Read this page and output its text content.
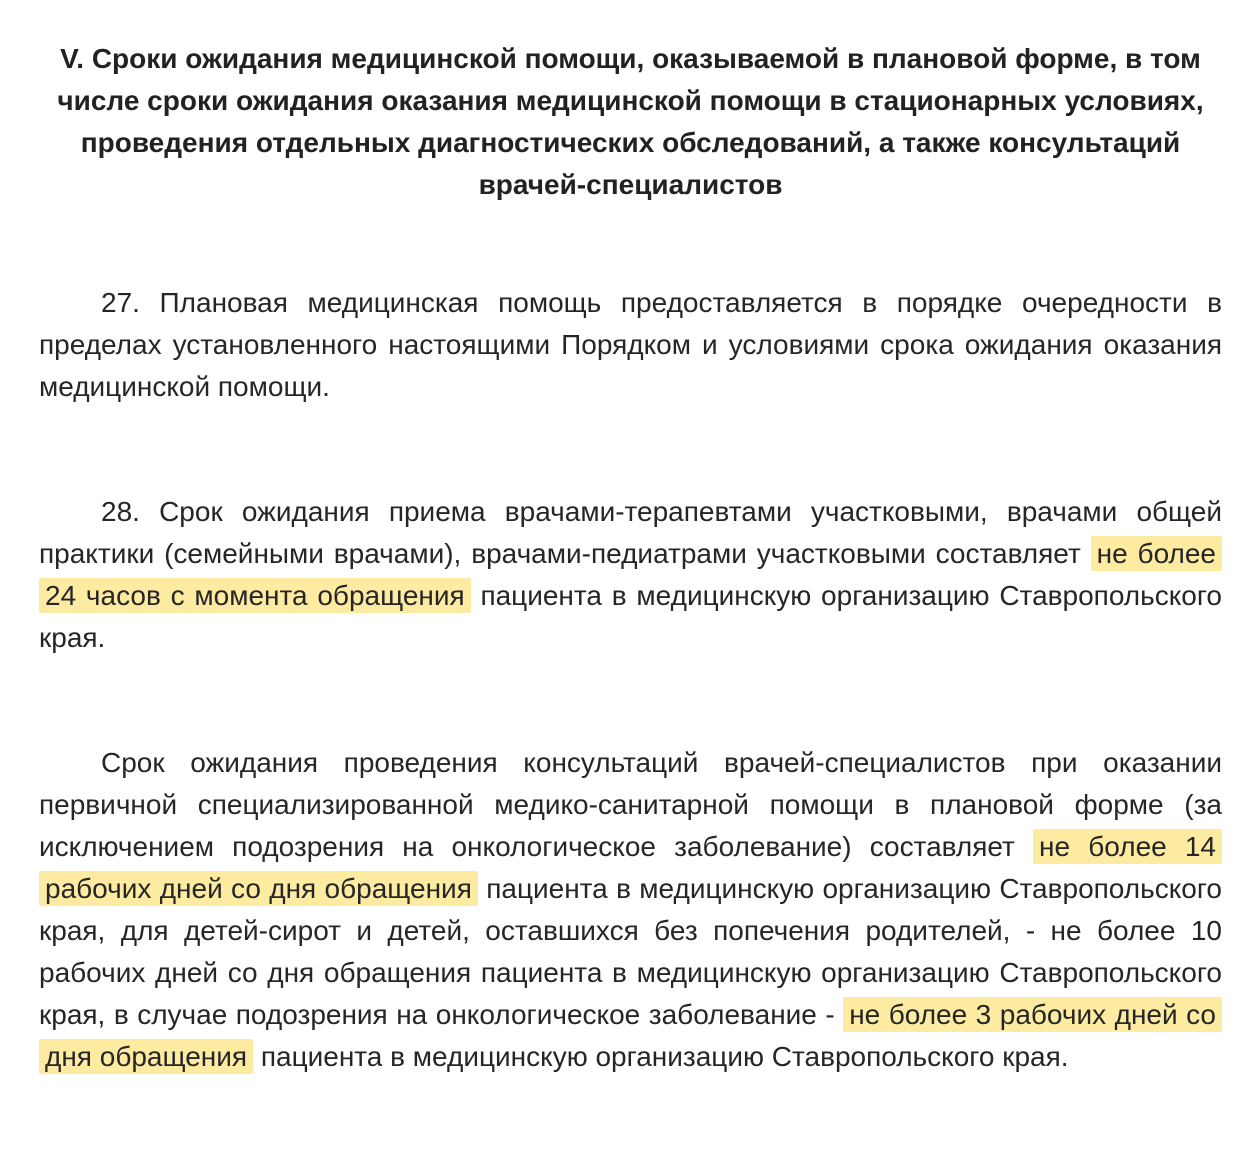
V. Сроки ожидания медицинской помощи, оказываемой в плановой форме, в том числе сроки ожидания оказания медицинской помощи в стационарных условиях, проведения отдельных диагностических обследований, а также консультаций врачей-специалистов

27. Плановая медицинская помощь предоставляется в порядке очередности в пределах установленного настоящими Порядком и условиями срока ожидания оказания медицинской помощи.

28. Срок ожидания приема врачами-терапевтами участковыми, врачами общей практики (семейными врачами), врачами-педиатрами участковыми составляет не более 24 часов с момента обращения пациента в медицинскую организацию Ставропольского края.

Срок ожидания проведения консультаций врачей-специалистов при оказании первичной специализированной медико-санитарной помощи в плановой форме (за исключением подозрения на онкологическое заболевание) составляет не более 14 рабочих дней со дня обращения пациента в медицинскую организацию Ставропольского края, для детей-сирот и детей, оставшихся без попечения родителей, - не более 10 рабочих дней со дня обращения пациента в медицинскую организацию Ставропольского края, в случае подозрения на онкологическое заболевание - не более 3 рабочих дней со дня обращения пациента в медицинскую организацию Ставропольского края.
